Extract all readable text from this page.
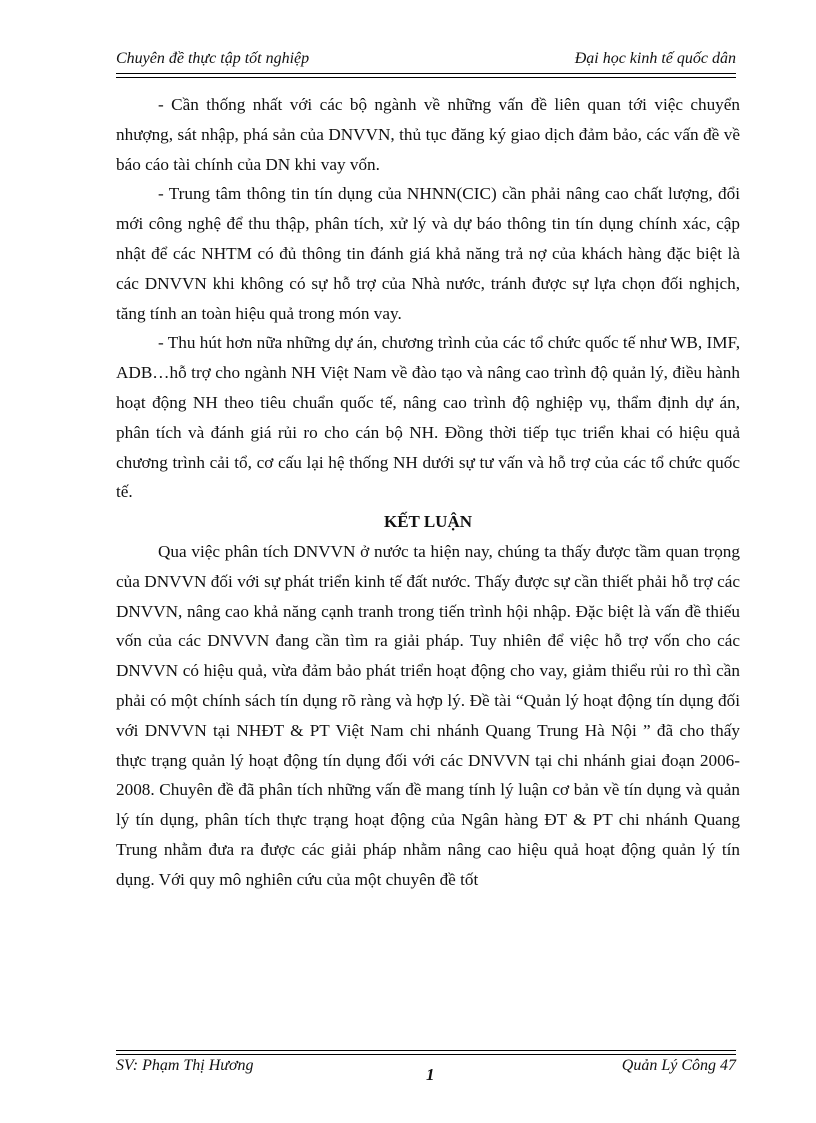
Chuyên đề thực tập tốt nghiệp	Đại học kinh tế quốc dân

- Cần thống nhất với các bộ ngành về những vấn đề liên quan tới việc chuyển nhượng, sát nhập, phá sản của DNVVN, thủ tục đăng ký giao dịch đảm bảo, các vấn đề về báo cáo tài chính của DN khi vay vốn.

- Trung tâm thông tin tín dụng của NHNN(CIC) cần phải nâng cao chất lượng, đổi mới công nghệ để thu thập, phân tích, xử lý và dự báo thông tin tín dụng chính xác, cập nhật để các NHTM có đủ thông tin đánh giá khả năng trả nợ của khách hàng đặc biệt là các DNVVN khi không có sự hỗ trợ của Nhà nước, tránh được sự lựa chọn đối nghịch, tăng tính an toàn hiệu quả trong món vay.

- Thu hút hơn nữa những dự án, chương trình của các tổ chức quốc tế như WB, IMF, ADB…hỗ trợ cho ngành NH Việt Nam về đào tạo và nâng cao trình độ quản lý, điều hành hoạt động NH theo tiêu chuẩn quốc tế, nâng cao trình độ nghiệp vụ, thẩm định dự án, phân tích và đánh giá rủi ro cho cán bộ NH. Đồng thời tiếp tục triển khai có hiệu quả chương trình cải tổ, cơ cấu lại hệ thống NH dưới sự tư vấn và hỗ trợ của các tổ chức quốc tế.

KẾT LUẬN

Qua việc phân tích DNVVN ở nước ta hiện nay, chúng ta thấy được tầm quan trọng của DNVVN đối với sự phát triển kinh tế đất nước. Thấy được sự cần thiết phải hỗ trợ các DNVVN, nâng cao khả năng cạnh tranh trong tiến trình hội nhập. Đặc biệt là vấn đề thiếu vốn của các DNVVN đang cần tìm ra giải pháp. Tuy nhiên để việc hỗ trợ vốn cho các DNVVN có hiệu quả, vừa đảm bảo phát triển hoạt động cho vay, giảm thiểu rủi ro thì cần phải có một chính sách tín dụng rõ ràng và hợp lý. Đề tài “Quản lý hoạt động tín dụng đối với DNVVN tại NHĐT & PT Việt Nam chi nhánh Quang Trung Hà Nội ” đã cho thấy thực trạng quản lý hoạt động tín dụng đối với các DNVVN tại chi nhánh giai đoạn 2006-2008. Chuyên đề đã phân tích những vấn đề mang tính lý luận cơ bản về tín dụng và quản lý tín dụng, phân tích thực trạng hoạt động của Ngân hàng ĐT & PT chi nhánh Quang Trung nhằm đưa ra được các giải pháp nhằm nâng cao hiệu quả hoạt động quản lý tín dụng. Với quy mô nghiên cứu của một chuyên đề tốt

SV: Phạm Thị Hương	1	Quản Lý Công 47
